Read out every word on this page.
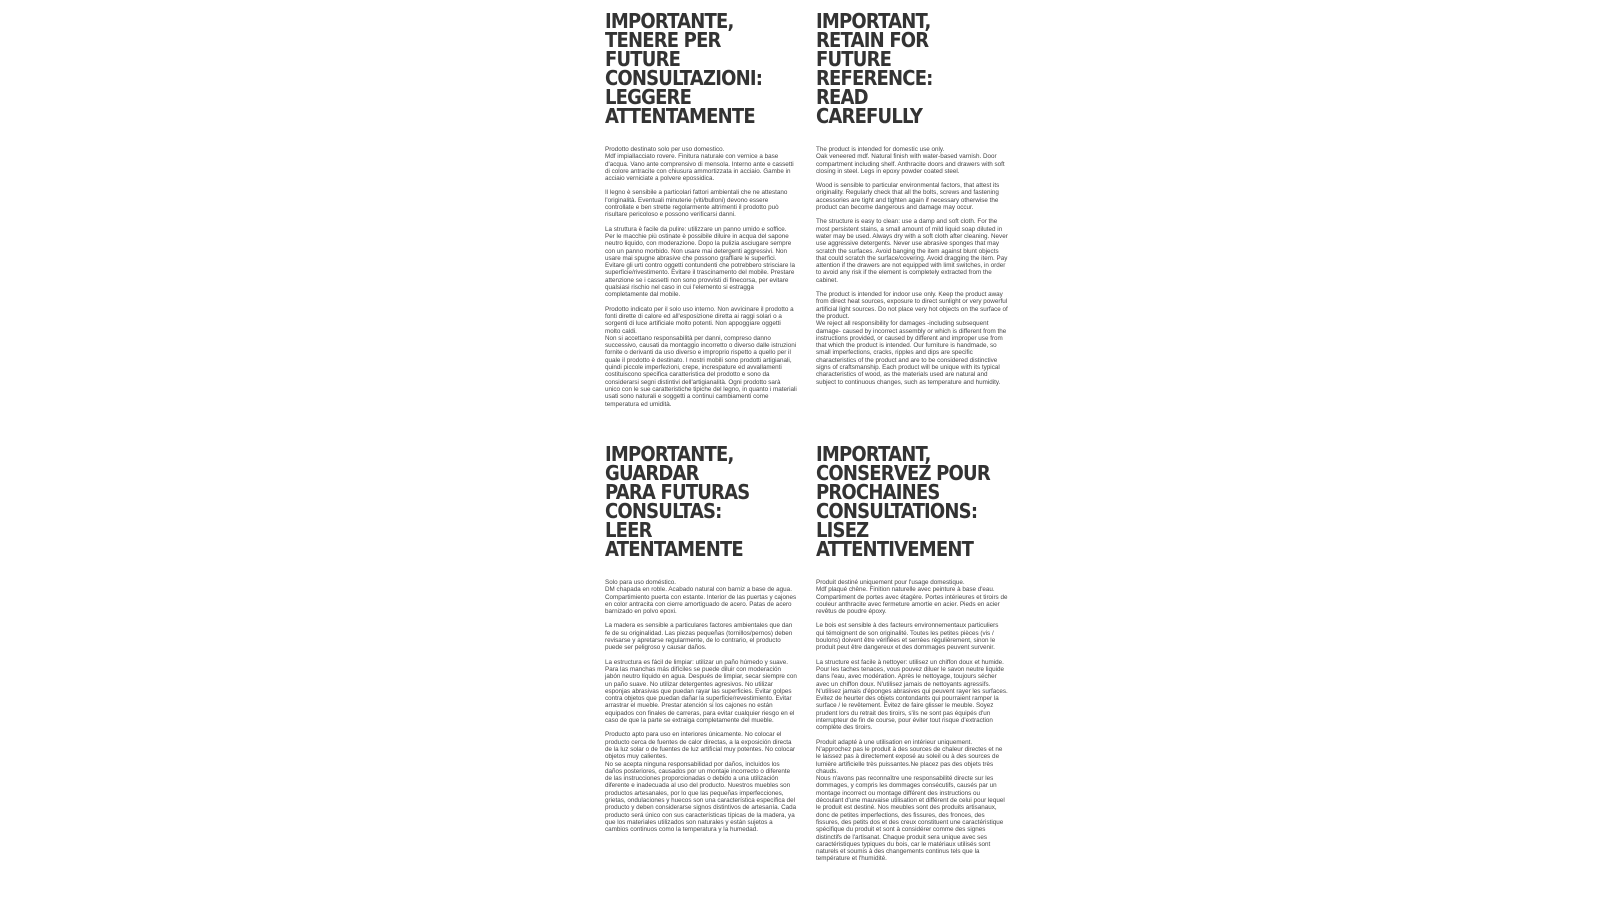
IMPORTANTE,
TENERE PER FUTURE
CONSULTAZIONI:
LEGGERE
ATTENTAMENTE

Prodotto destinato solo per uso domestico.
Mdf impiallacciato rovere. Finitura naturale con vernice a base d'acqua. Vano ante comprensivo di mensola. Interno ante e cassetti di colore antracite con chiusura ammortizzata in acciaio. Gambe in acciaio verniciate a polvere epossidica.

Il legno è sensibile a particolari fattori ambientali che ne attestano l'originalità. Eventuali minuterie (viti/bulloni) devono essere controllate e ben strette regolarmente altrimenti il prodotto può risultare pericoloso e possono verificarsi danni.

La struttura è facile da pulire: utilizzare un panno umido e soffice. Per le macchie più ostinate è possibile diluire in acqua del sapone neutro liquido, con moderazione. Dopo la pulizia asciugare sempre con un panno morbido. Non usare mai detergenti aggressivi. Non usare mai spugne abrasive che possono graffiare le superfici. Evitare gli urti contro oggetti contundenti che potrebbero strisciare la superficie/rivestimento. Evitare il trascinamento del mobile. Prestare attenzione se i cassetti non sono provvisti di finecorsa, per evitare qualsiasi rischio nel caso in cui l'elemento si estragga completamente dal mobile.

Prodotto indicato per il solo uso interno. Non avvicinare il prodotto a fonti dirette di calore ed all'esposizione diretta ai raggi solari o a sorgenti di luce artificiale molto potenti. Non appoggiare oggetti molto caldi.
Non si accettano responsabilità per danni, compreso danno successivo, causati da montaggio incorretto o diverso dalle istruzioni fornite o derivanti da uso diverso e improprio rispetto a quello per il quale il prodotto è destinato. I nostri mobili sono prodotti artigianali, quindi piccole imperfezioni, crepe, increspature ed avvallamenti costituiscono specifica caratteristica del prodotto e sono da considerarsi segni distintivi dell'artigianalità. Ogni prodotto sarà unico con le sue caratteristiche tipiche del legno, in quanto i materiali usati sono naturali e soggetti a continui cambiamenti come temperatura ed umidità.

IMPORTANT,
RETAIN FOR FUTURE
REFERENCE:
READ
CAREFULLY

The product is intended for domestic use only.
Oak veneered mdf. Natural finish with water-based varnish. Door compartment including shelf. Anthracite doors and drawers with soft closing in steel. Legs in epoxy powder coated steel.

Wood is sensible to particular environmental factors, that attest its originality. Regularly check that all the bolts, screws and fastening accessories are tight and tighten again if necessary otherwise the product can become dangerous and damage may occur.

The structure is easy to clean: use a damp and soft cloth. For the most persistent stains, a small amount of mild liquid soap diluted in water may be used. Always dry with a soft cloth after cleaning. Never use aggressive detergents. Never use abrasive sponges that may scratch the surfaces. Avoid banging the item against blunt objects that could scratch the surface/covering. Avoid dragging the item. Pay attention if the drawers are not equipped with limit switches, in order to avoid any risk if the element is completely extracted from the cabinet.

The product is intended for indoor use only. Keep the product away from direct heat sources, exposure to direct sunlight or very powerful artificial light sources. Do not place very hot objects on the surface of the product.
We reject all responsibility for damages -including subsequent damage- caused by incorrect assembly or which is different from the instructions provided, or caused by different and improper use from that which the product is intended. Our furniture is handmade, so small imperfections, cracks, ripples and dips are specific characteristics of the product and are to be considered distinctive signs of craftsmanship. Each product will be unique with its typical characteristics of wood, as the materials used are natural and subject to continuous changes, such as temperature and humidity.

IMPORTANTE,
GUARDAR
PARA FUTURAS
CONSULTAS:
LEER
ATENTAMENTE

Solo para uso doméstico.
DM chapada en roble. Acabado natural con barniz a base de agua. Compartimiento puerta con estante. Interior de las puertas y cajones en color antracita con cierre amortiguado de acero. Patas de acero barnizado en polvo epoxi.

La madera es sensible a particulares factores ambientales que dan fe de su originalidad. Las piezas pequeñas (tornillos/pernos) deben revisarse y apretarse regularmente, de lo contrario, el producto puede ser peligroso y causar daños.

La estructura es fácil de limpiar: utilizar un paño húmedo y suave. Para las manchas más difíciles se puede diluir con moderación jabón neutro líquido en agua. Después de limpiar, secar siempre con un paño suave. No utilizar detergentes agresivos. No utilizar esponjas abrasivas que puedan rayar las superficies. Evitar golpes contra objetos que puedan dañar la superficie/revestimiento. Evitar arrastrar el mueble. Prestar atención si los cajones no están equipados con finales de carreras, para evitar cualquier riesgo en el caso de que la parte se extraiga completamente del mueble.

Producto apto para uso en interiores únicamente. No colocar el producto cerca de fuentes de calor directas, a la exposición directa de la luz solar o de fuentes de luz artificial muy potentes. No colocar objetos muy calientes.
No se acepta ninguna responsabilidad por daños, incluidos los daños posteriores, causados por un montaje incorrecto o diferente de las instrucciones proporcionadas o debido a una utilización diferente e inadecuada al uso del producto. Nuestros muebles son productos artesanales, por lo que las pequeñas imperfecciones, grietas, ondulaciones y huecos son una característica específica del producto y deben considerarse signos distintivos de artesanía. Cada producto será único con sus características típicas de la madera, ya que los materiales utilizados son naturales y están sujetos a cambios continuos como la temperatura y la humedad.

IMPORTANT,
CONSERVEZ POUR
PROCHAINES
CONSULTATIONS:
LISEZ
ATTENTIVEMENT

Produit destiné uniquement pour l'usage domestique.
Mdf plaqué chêne. Finition naturelle avec peinture à base d'eau. Compartiment de portes avec étagère. Portes intérieures et tiroirs de couleur anthracite avec fermeture amortie en acier. Pieds en acier revêtus de poudre époxy.

Le bois est sensible à des facteurs environnementaux particuliers qui témoignent de son originalité. Toutes les petites pièces (vis / boulons) doivent être vérifiées et serrées régulièrement, sinon le produit peut être dangereux et des dommages peuvent survenir.

La structure est facile à nettoyer: utilisez un chiffon doux et humide. Pour les taches tenaces, vous pouvez diluer le savon neutre liquide dans l'eau, avec modération. Après le nettoyage, toujours sécher avec un chiffon doux. N'utilisez jamais de nettoyants agressifs. N'utilisez jamais d'éponges abrasives qui peuvent rayer les surfaces. Evitez de heurter des objets contondants qui pourraient ramper la surface / le revêtement. Évitez de faire glisser le meuble. Soyez prudent lors du retrait des tiroirs, s'ils ne sont pas équipés d'un interrupteur de fin de course, pour éviter tout risque d'extraction complète des tiroirs.

Produit adapté à une utilisation en intérieur uniquement. N'approchez pas le produit à des sources de chaleur directes et ne le laissez pas à directement exposé au soleil ou à des sources de lumière artificielle très puissantes.Ne placez pas des objets très chauds.
Nous n'avons pas reconnaître une responsabilité directe sur les dommages, y compris les dommages consécutifs, causés par un montage incorrect ou montage différent des instructions ou découlant d'une mauvaise utilisation et différent de celui pour lequel le produit est destiné. Nos meubles sont des produits artisanaux, donc de petites imperfections, des fissures, des fronces, des fissures, des petits dos et des creux constituent une caractéristique spécifique du produit et sont à considérer comme des signes distinctifs de l'artisanat. Chaque produit sera unique avec ses caractéristiques typiques du bois, car le matériaux utilisés sont naturels et soumis à des changements continus tels que la température et l'humidité.
